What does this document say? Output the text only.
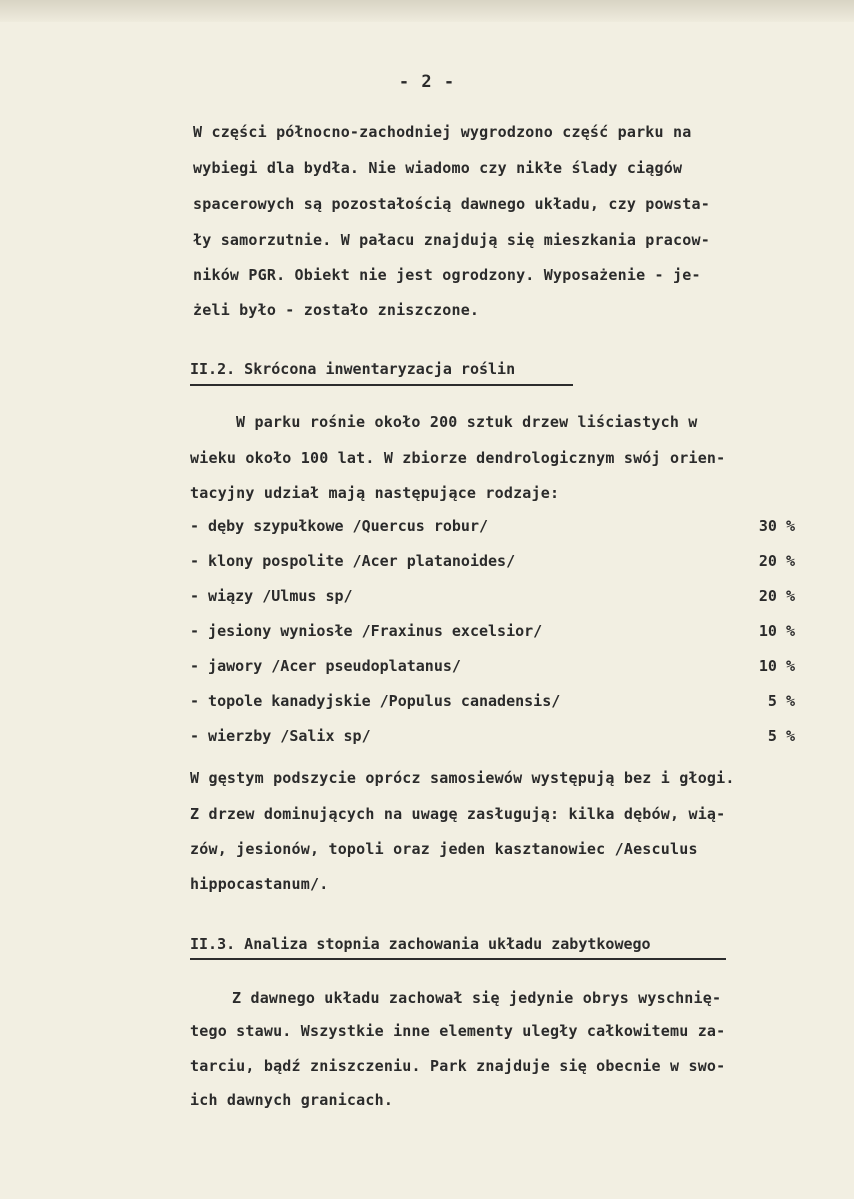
- 2 -
W części północno-zachodniej wygrodzono część parku na
wybiegi dla bydła. Nie wiadomo czy nikłe ślady ciągów
spacerowych są pozostałością dawnego układu, czy powsta-
ły samorzutnie. W pałacu znajdują się mieszkania pracow-
ników PGR. Obiekt nie jest ogrodzony. Wyposażenie - je-
żeli było - zostało zniszczone.
II.2. Skrócona inwentaryzacja roślin
W parku rośnie około 200 sztuk drzew liściastych w
wieku około 100 lat. W zbiorze dendrologicznym swój orien-
tacyjny udział mają następujące rodzaje:
- dęby szypułkowe /Quercus robur/	30 %
- klony pospolite /Acer platanoides/	20 %
- wiązy /Ulmus sp/	20 %
- jesiony wyniosłe /Fraxinus excelsior/	10 %
- jawory /Acer pseudoplatanus/	10 %
- topole kanadyjskie /Populus canadensis/	5 %
- wierzby /Salix sp/	5 %
W gęstym podszycie oprócz samosiewów występują bez i głogi.
Z drzew dominujących na uwagę zasługują: kilka dębów, wią-
zów, jesionów, topoli oraz jeden kasztanowiec /Aesculus
hippocastanum/.
II.3. Analiza stopnia zachowania układu zabytkowego
Z dawnego układu zachował się jedynie obrys wyschnię-
tego stawu. Wszystkie inne elementy uległy całkowitemu za-
tarciu, bądź zniszczeniu. Park znajduje się obecnie w swo-
ich dawnych granicach.
